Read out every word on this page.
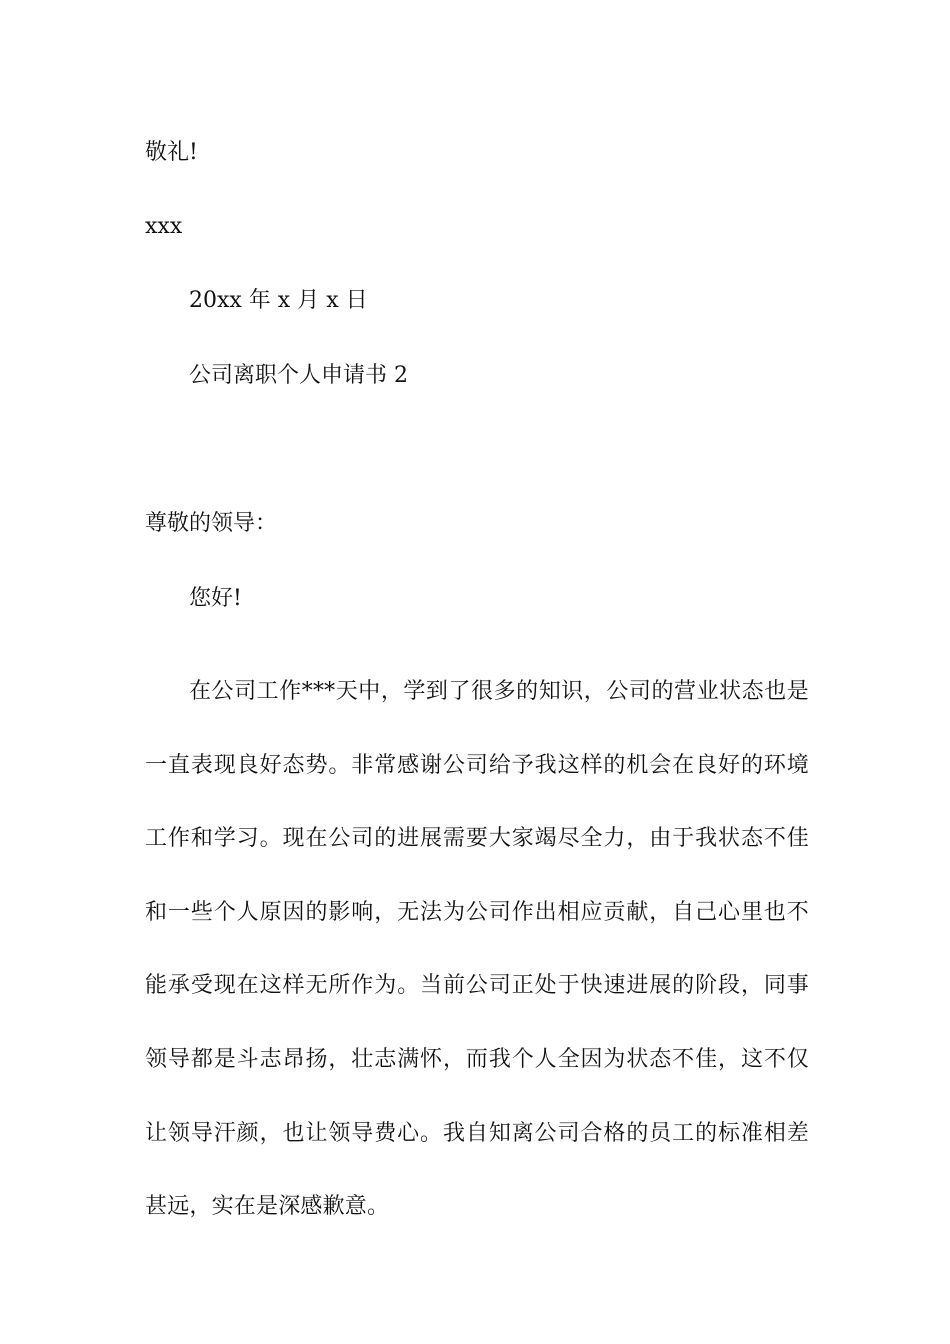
敬礼!
xxx
20xx 年 x 月 x 日
公司离职个人申请书 2
尊敬的领导：
您好!
在公司工作***天中，学到了很多的知识，公司的营业状态也是一直表现良好态势。非常感谢公司给予我这样的机会在良好的环境工作和学习。现在公司的进展需要大家竭尽全力，由于我状态不佳和一些个人原因的影响，无法为公司作出相应贡献，自己心里也不能承受现在这样无所作为。当前公司正处于快速进展的阶段，同事领导都是斗志昂扬，壮志满怀，而我个人全因为状态不佳，这不仅让领导汗颜，也让领导费心。我自知离公司合格的员工的标准相差甚远，实在是深感歉意。
